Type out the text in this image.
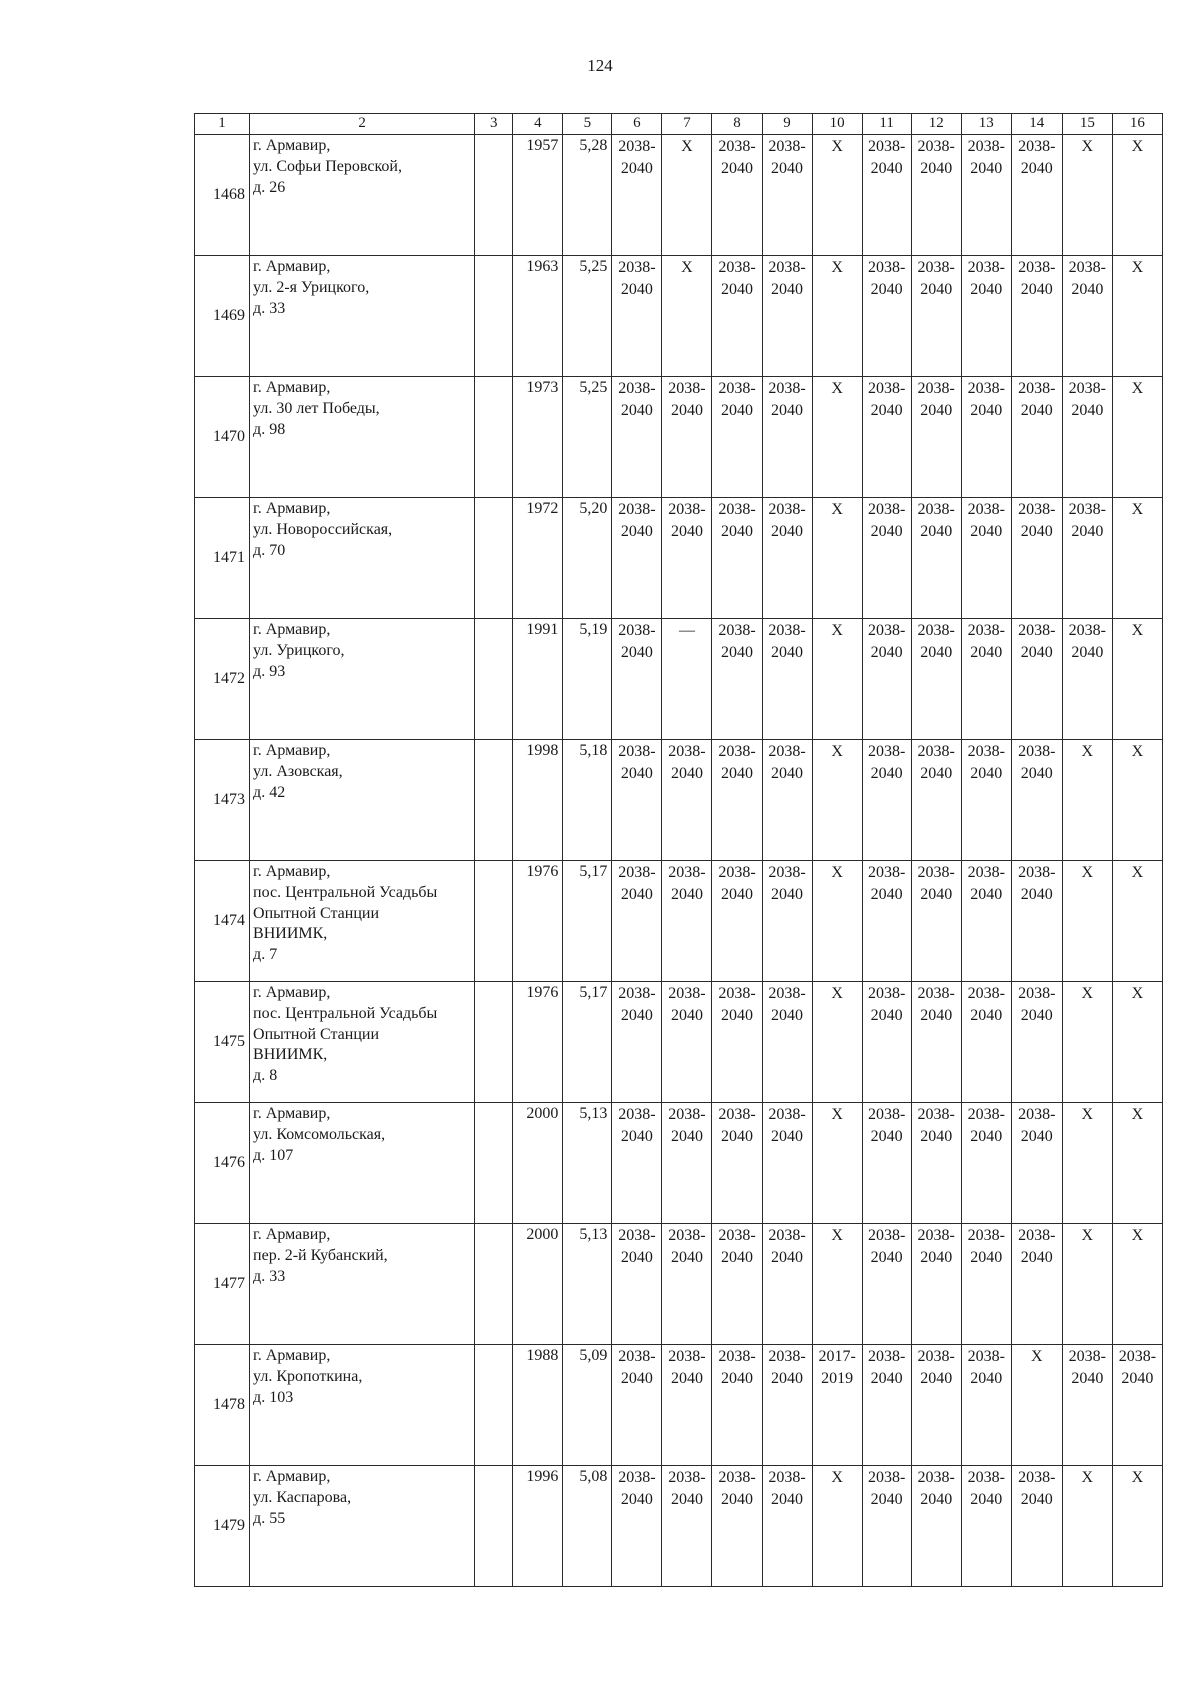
124
1	2	3	4	5	6	7	8	9	10	11	12	13	14	15	16
1468	г. Армавир,
ул. Софьи Перовской,
д. 26		1957	5,28	2038-
2040	Х	2038-
2040	2038-
2040	Х	2038-
2040	2038-
2040	2038-
2040	2038-
2040	Х	Х
1469	г. Армавир,
ул. 2-я Урицкого,
д. 33		1963	5,25	2038-
2040	Х	2038-
2040	2038-
2040	Х	2038-
2040	2038-
2040	2038-
2040	2038-
2040	2038-
2040	Х
1470	г. Армавир,
ул. 30 лет Победы,
д. 98		1973	5,25	2038-
2040	2038-
2040	2038-
2040	2038-
2040	Х	2038-
2040	2038-
2040	2038-
2040	2038-
2040	2038-
2040	Х
1471	г. Армавир,
ул. Новороссийская,
д. 70		1972	5,20	2038-
2040	2038-
2040	2038-
2040	2038-
2040	Х	2038-
2040	2038-
2040	2038-
2040	2038-
2040	2038-
2040	Х
1472	г. Армавир,
ул. Урицкого,
д. 93		1991	5,19	2038-
2040	—	2038-
2040	2038-
2040	Х	2038-
2040	2038-
2040	2038-
2040	2038-
2040	2038-
2040	Х
1473	г. Армавир,
ул. Азовская,
д. 42		1998	5,18	2038-
2040	2038-
2040	2038-
2040	2038-
2040	Х	2038-
2040	2038-
2040	2038-
2040	2038-
2040	Х	Х
1474	г. Армавир,
пос. Центральной Усадьбы
Опытной Станции
ВНИИМК,
д. 7		1976	5,17	2038-
2040	2038-
2040	2038-
2040	2038-
2040	Х	2038-
2040	2038-
2040	2038-
2040	2038-
2040	Х	Х
1475	г. Армавир,
пос. Центральной Усадьбы
Опытной Станции
ВНИИМК,
д. 8		1976	5,17	2038-
2040	2038-
2040	2038-
2040	2038-
2040	Х	2038-
2040	2038-
2040	2038-
2040	2038-
2040	Х	Х
1476	г. Армавир,
ул. Комсомольская,
д. 107		2000	5,13	2038-
2040	2038-
2040	2038-
2040	2038-
2040	Х	2038-
2040	2038-
2040	2038-
2040	2038-
2040	Х	Х
1477	г. Армавир,
пер. 2-й Кубанский,
д. 33		2000	5,13	2038-
2040	2038-
2040	2038-
2040	2038-
2040	Х	2038-
2040	2038-
2040	2038-
2040	2038-
2040	Х	Х
1478	г. Армавир,
ул. Кропоткина,
д. 103		1988	5,09	2038-
2040	2038-
2040	2038-
2040	2038-
2040	2017-
2019	2038-
2040	2038-
2040	2038-
2040	Х	2038-
2040	2038-
2040
1479	г. Армавир,
ул. Каспарова,
д. 55		1996	5,08	2038-
2040	2038-
2040	2038-
2040	2038-
2040	Х	2038-
2040	2038-
2040	2038-
2040	2038-
2040	Х	Х
